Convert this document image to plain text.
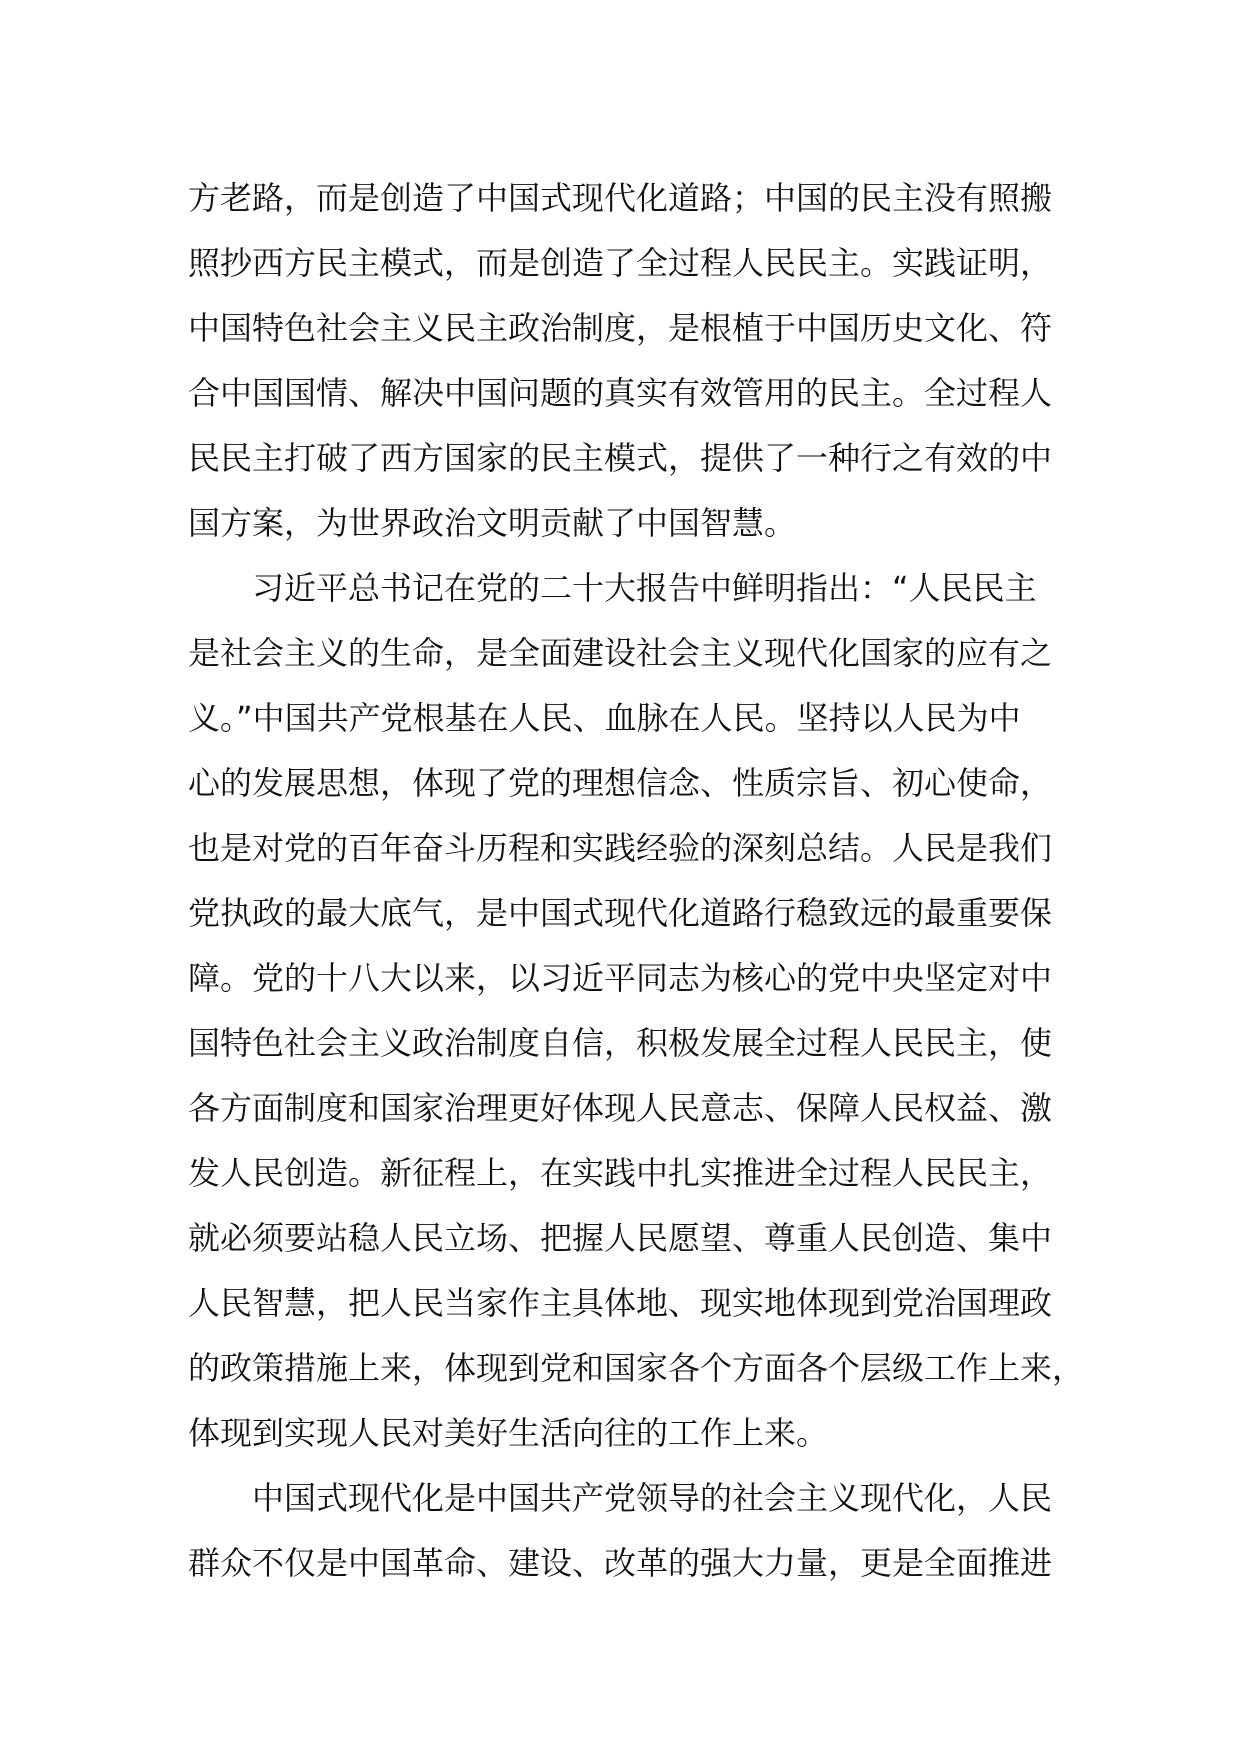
方老路，而是创造了中国式现代化道路；中国的民主没有照搬
照抄西方民主模式，而是创造了全过程人民民主。实践证明，
中国特色社会主义民主政治制度，是根植于中国历史文化、符
合中国国情、解决中国问题的真实有效管用的民主。全过程人
民民主打破了西方国家的民主模式，提供了一种行之有效的中
国方案，为世界政治文明贡献了中国智慧。
习近平总书记在党的二十大报告中鲜明指出：“人民民主
是社会主义的生命，是全面建设社会主义现代化国家的应有之
义。”中国共产党根基在人民、血脉在人民。坚持以人民为中
心的发展思想，体现了党的理想信念、性质宗旨、初心使命，
也是对党的百年奋斗历程和实践经验的深刻总结。人民是我们
党执政的最大底气，是中国式现代化道路行稳致远的最重要保
障。党的十八大以来，以习近平同志为核心的党中央坚定对中
国特色社会主义政治制度自信，积极发展全过程人民民主，使
各方面制度和国家治理更好体现人民意志、保障人民权益、激
发人民创造。新征程上，在实践中扎实推进全过程人民民主，
就必须要站稳人民立场、把握人民愿望、尊重人民创造、集中
人民智慧，把人民当家作主具体地、现实地体现到党治国理政
的政策措施上来，体现到党和国家各个方面各个层级工作上来，
体现到实现人民对美好生活向往的工作上来。
中国式现代化是中国共产党领导的社会主义现代化，人民
群众不仅是中国革命、建设、改革的强大力量，更是全面推进
